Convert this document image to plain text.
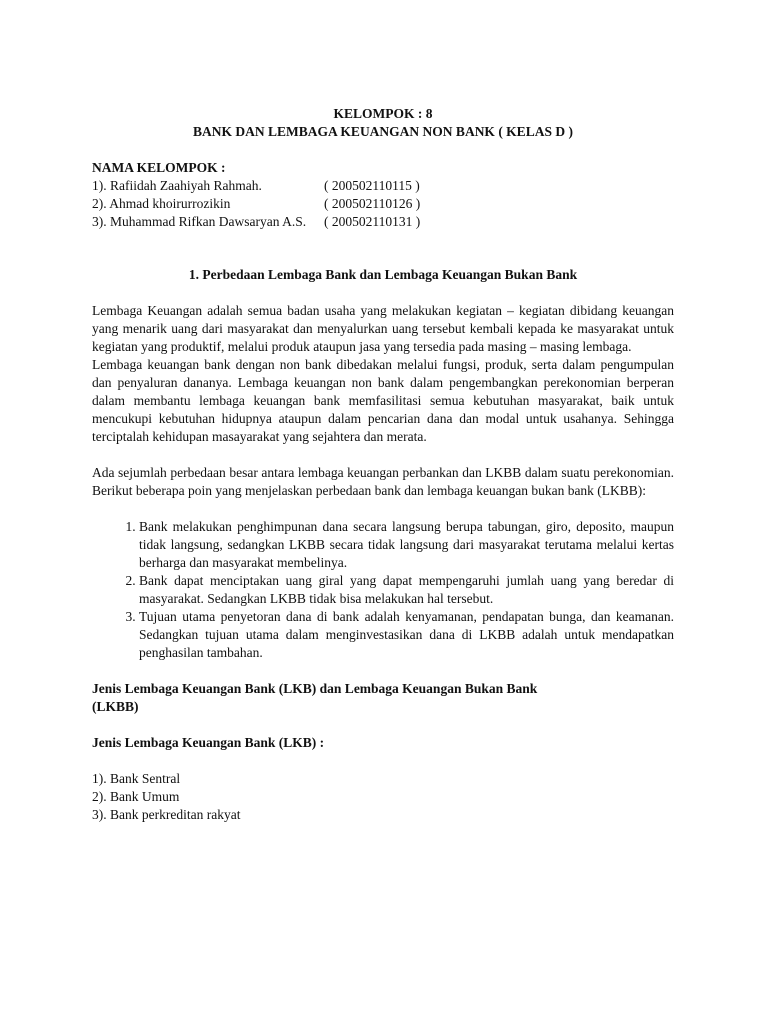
KELOMPOK : 8
BANK DAN LEMBAGA KEUANGAN NON BANK ( KELAS D )
NAMA KELOMPOK :
1). Rafiidah Zaahiyah Rahmah.	( 200502110115 )
2). Ahmad khoirurrozikin	( 200502110126 )
3). Muhammad Rifkan Dawsaryan A.S.	( 200502110131 )
1. Perbedaan Lembaga Bank dan Lembaga Keuangan Bukan Bank

Lembaga Keuangan adalah semua badan usaha yang melakukan kegiatan – kegiatan dibidang keuangan yang menarik uang dari masyarakat dan menyalurkan uang tersebut kembali kepada ke masyarakat untuk kegiatan yang produktif, melalui produk ataupun jasa yang tersedia pada masing – masing lembaga.

Lembaga keuangan bank dengan non bank dibedakan melalui fungsi, produk, serta dalam pengumpulan dan penyaluran dananya. Lembaga keuangan non bank dalam pengembangkan perekonomian berperan dalam membantu lembaga keuangan bank memfasilitasi semua kebutuhan masyarakat, baik untuk mencukupi kebutuhan hidupnya ataupun dalam pencarian dana dan modal untuk usahanya. Sehingga terciptalah kehidupan masayarakat yang sejahtera dan merata.

Ada sejumlah perbedaan besar antara lembaga keuangan perbankan dan LKBB dalam suatu perekonomian. Berikut beberapa poin yang menjelaskan perbedaan bank dan lembaga keuangan bukan bank (LKBB):

1. Bank melakukan penghimpunan dana secara langsung berupa tabungan, giro, deposito, maupun tidak langsung, sedangkan LKBB secara tidak langsung dari masyarakat terutama melalui kertas berharga dan masyarakat membelinya.
2. Bank dapat menciptakan uang giral yang dapat mempengaruhi jumlah uang yang beredar di masyarakat. Sedangkan LKBB tidak bisa melakukan hal tersebut.
3. Tujuan utama penyetoran dana di bank adalah kenyamanan, pendapatan bunga, dan keamanan. Sedangkan tujuan utama dalam menginvestasikan dana di LKBB adalah untuk mendapatkan penghasilan tambahan.
Jenis Lembaga Keuangan Bank (LKB) dan Lembaga Keuangan Bukan Bank
(LKBB)
Jenis Lembaga Keuangan Bank (LKB) :
1). Bank Sentral
2). Bank Umum
3). Bank perkreditan rakyat
